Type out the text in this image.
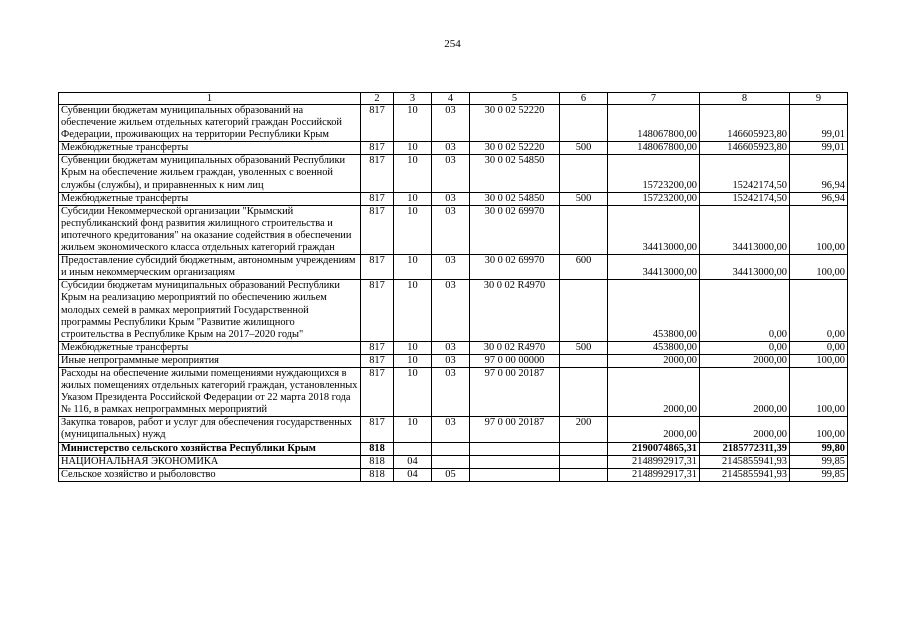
254
1	2	3	4	5	6	7	8	9
Субвенции бюджетам муниципальных образований на обеспечение жильем отдельных категорий граждан Российской Федерации, проживающих на территории Республики Крым	817	10	03	30 0 02 52220		148067800,00	146605923,80	99,01
Межбюджетные трансферты	817	10	03	30 0 02 52220	500	148067800,00	146605923,80	99,01
Субвенции бюджетам муниципальных образований Республики Крым на обеспечение жильем граждан, уволенных с военной службы (службы), и приравненных к ним лиц	817	10	03	30 0 02 54850		15723200,00	15242174,50	96,94
Межбюджетные трансферты	817	10	03	30 0 02 54850	500	15723200,00	15242174,50	96,94
Субсидии Некоммерческой организации "Крымский республиканский фонд развития жилищного строительства и ипотечного кредитования" на оказание содействия в обеспечении жильем экономического класса отдельных категорий граждан	817	10	03	30 0 02 69970		34413000,00	34413000,00	100,00
Предоставление субсидий бюджетным, автономным учреждениям и иным некоммерческим организациям	817	10	03	30 0 02 69970	600	34413000,00	34413000,00	100,00
Субсидии бюджетам муниципальных образований Республики Крым на реализацию мероприятий по обеспечению жильем молодых семей в рамках мероприятий Государственной программы Республики Крым "Развитие жилищного строительства в Республике Крым на 2017–2020 годы"	817	10	03	30 0 02 R4970		453800,00	0,00	0,00
Межбюджетные трансферты	817	10	03	30 0 02 R4970	500	453800,00	0,00	0,00
Иные непрограммные мероприятия	817	10	03	97 0 00 00000		2000,00	2000,00	100,00
Расходы на обеспечение жилыми помещениями нуждающихся в жилых помещениях отдельных категорий граждан, установленных Указом Президента Российской Федерации от 22 марта 2018 года № 116, в рамках непрограммных мероприятий	817	10	03	97 0 00 20187		2000,00	2000,00	100,00
Закупка товаров, работ и услуг для обеспечения государственных (муниципальных) нужд	817	10	03	97 0 00 20187	200	2000,00	2000,00	100,00
Министерство сельского хозяйства Республики Крым	818					2190074865,31	2185772311,39	99,80
НАЦИОНАЛЬНАЯ ЭКОНОМИКА	818	04				2148992917,31	2145855941,93	99,85
Сельское хозяйство и рыболовство	818	04	05			2148992917,31	2145855941,93	99,85
